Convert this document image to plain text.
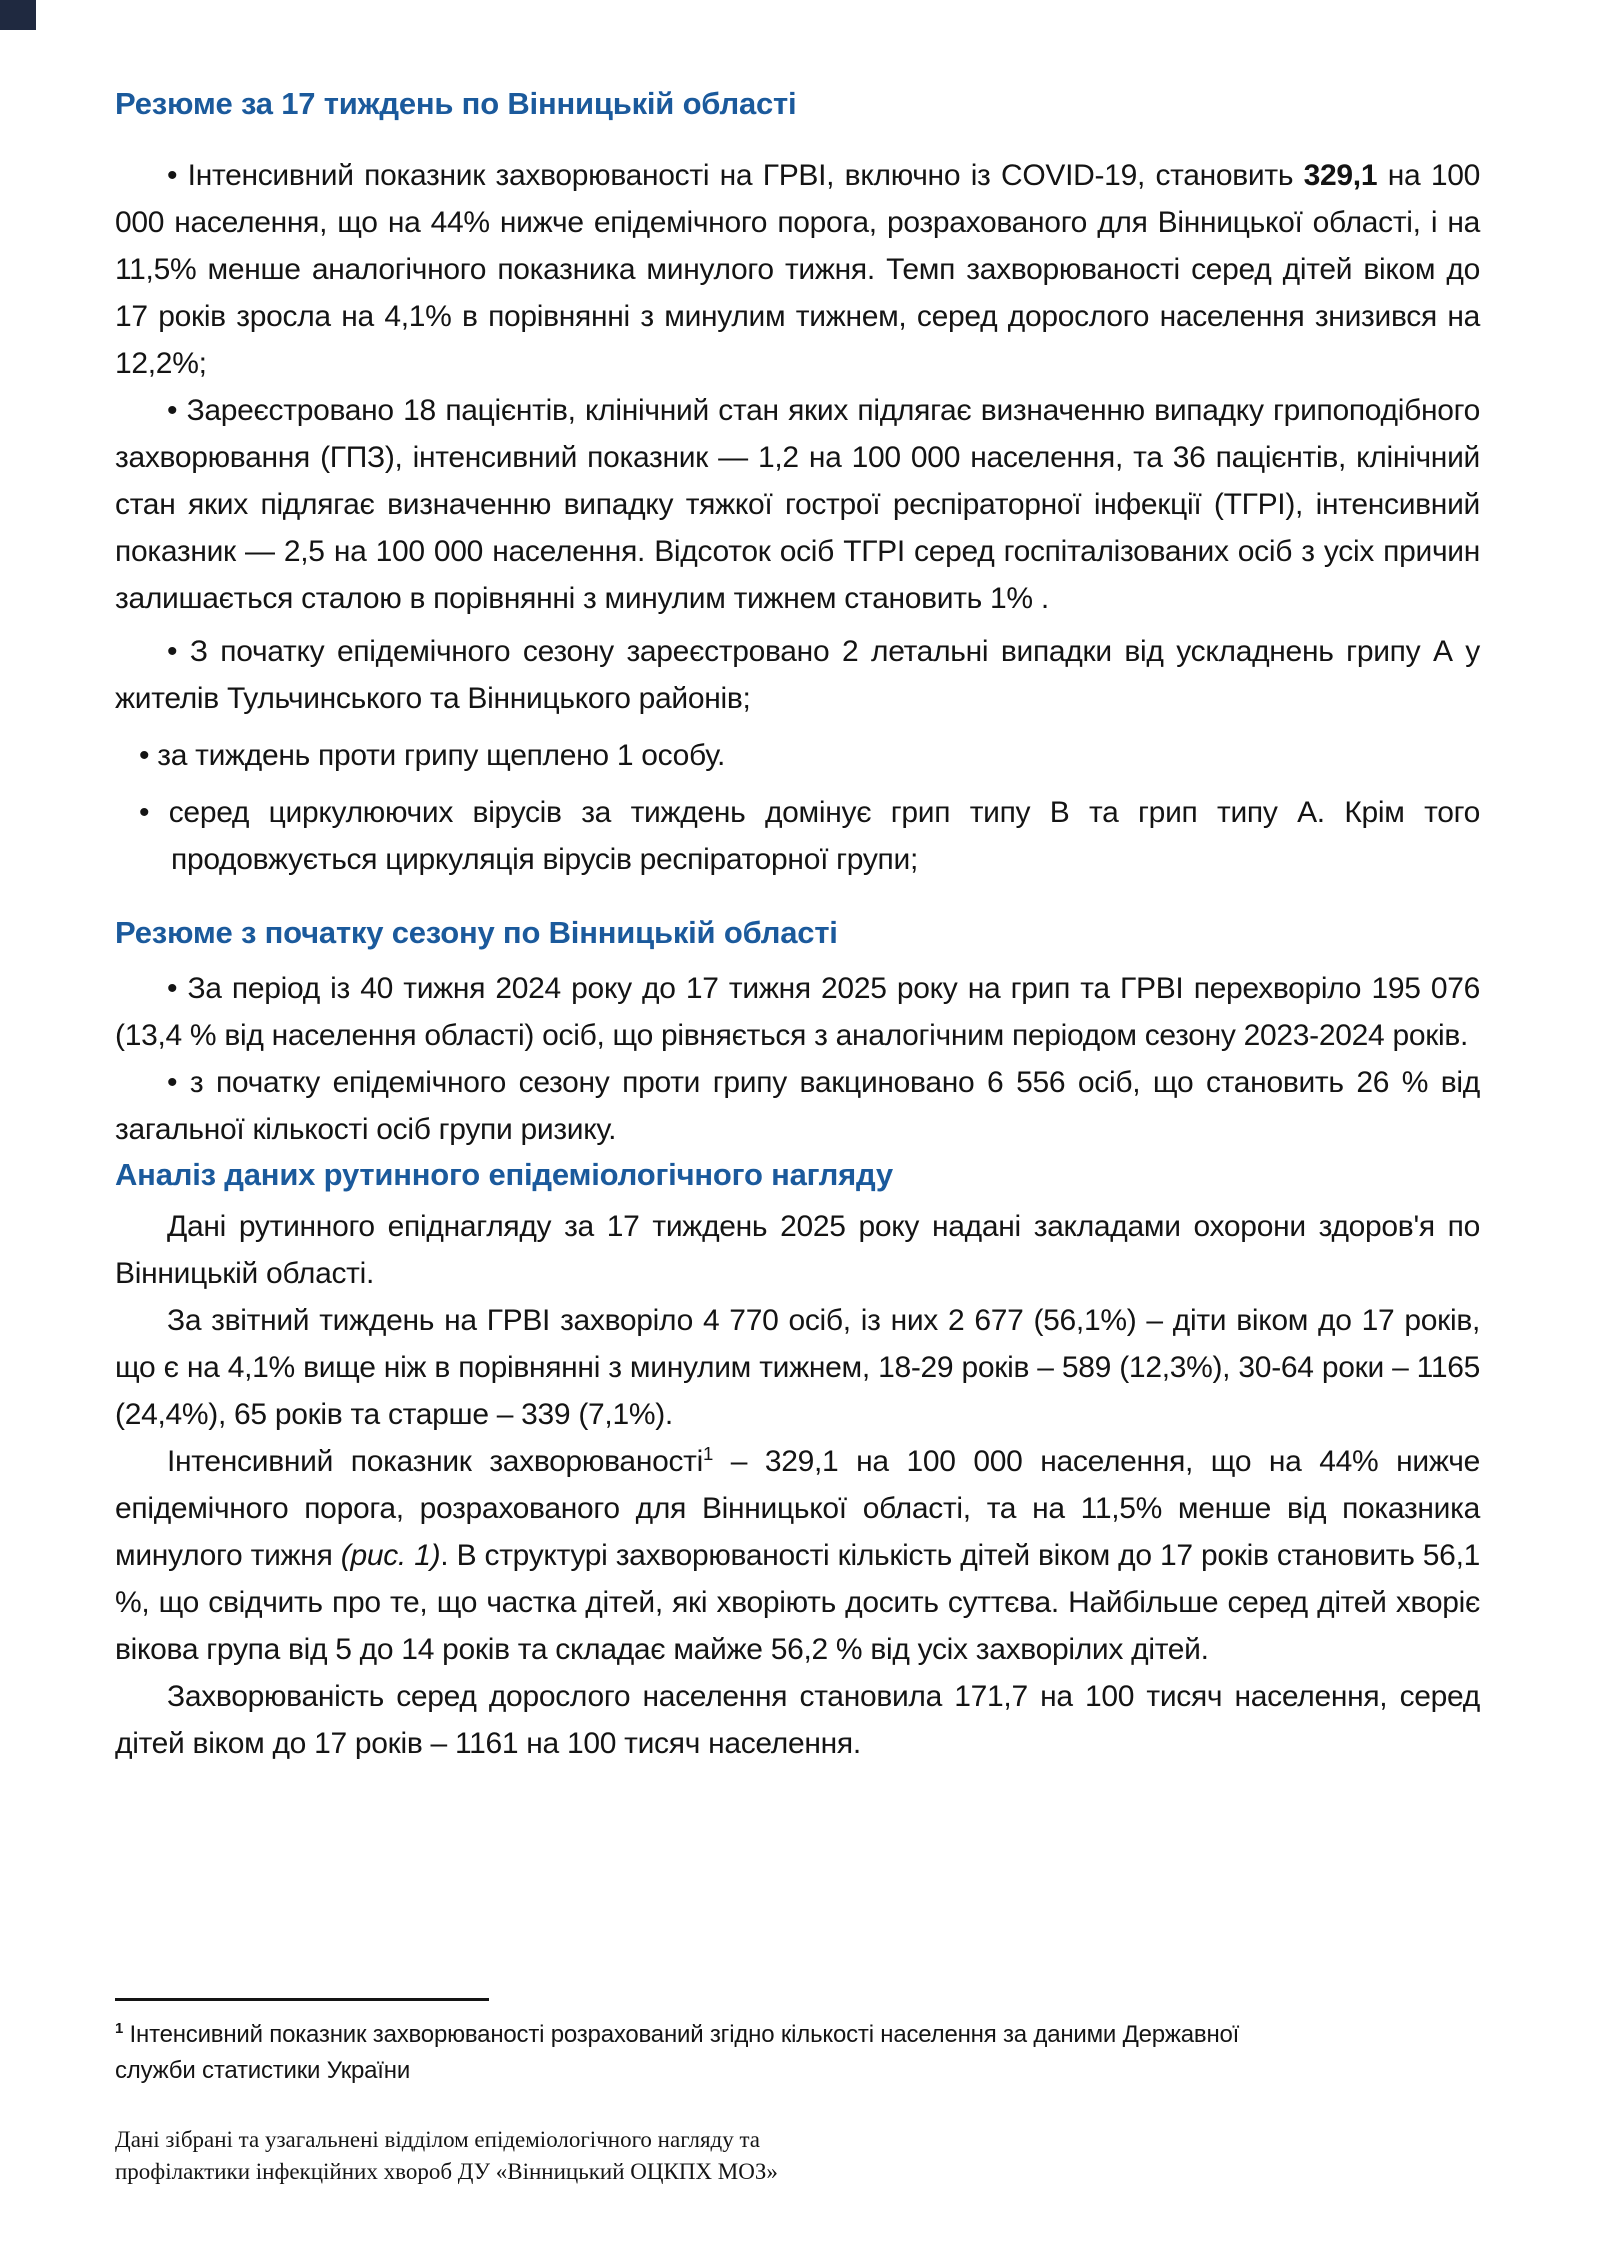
Резюме за 17 тиждень по Вінницькій області

• Інтенсивний показник захворюваності на ГРВІ, включно із COVID-19, становить 329,1 на 100 000 населення, що на 44% нижче епідемічного порога, розрахованого для Вінницької області, і на 11,5% менше аналогічного показника минулого тижня. Темп захворюваності серед дітей віком до 17 років зросла на 4,1% в порівнянні з минулим тижнем, серед дорослого населення знизився на 12,2%;

• Зареєстровано 18 пацієнтів, клінічний стан яких підлягає визначенню випадку грипоподібного захворювання (ГПЗ), інтенсивний показник — 1,2 на 100 000 населення, та 36 пацієнтів, клінічний стан яких підлягає визначенню випадку тяжкої гострої респіраторної інфекції (ТГРІ), інтенсивний показник — 2,5 на 100 000 населення. Відсоток осіб ТГРІ серед госпіталізованих осіб з усіх причин залишається сталою в порівнянні з минулим тижнем становить 1% .

• З початку епідемічного сезону зареєстровано 2 летальні випадки від ускладнень грипу А у жителів Тульчинського та Вінницького районів;

• за тиждень проти грипу щеплено 1 особу.

• серед циркулюючих вірусів за тиждень домінує грип типу В та грип типу А. Крім того продовжується циркуляція вірусів респіраторної групи;

Резюме з початку сезону по Вінницькій області

• За період із 40 тижня 2024 року до 17 тижня 2025 року на грип та ГРВІ перехворіло 195 076 (13,4 % від населення області) осіб, що рівняється з аналогічним періодом сезону 2023-2024 років.

• з початку епідемічного сезону проти грипу вакциновано 6 556 осіб, що становить 26 % від загальної кількості осіб групи ризику.

Аналіз даних рутинного епідеміологічного нагляду

Дані рутинного епіднагляду за 17 тиждень 2025 року надані закладами охорони здоров'я по Вінницькій області.

За звітний тиждень на ГРВІ захворіло 4 770 осіб, із них 2 677 (56,1%) – діти віком до 17 років, що є на 4,1% вище ніж в порівнянні з минулим тижнем, 18-29 років – 589 (12,3%), 30-64 роки – 1165 (24,4%), 65 років та старше – 339 (7,1%).

Інтенсивний показник захворюваності$^1$ – 329,1 на 100 000 населення, що на 44% нижче епідемічного порога, розрахованого для Вінницької області, та на 11,5% менше від показника минулого тижня (рис. 1). В структурі захворюваності кількість дітей віком до 17 років становить 56,1 %, що свідчить про те, що частка дітей, які хворіють досить суттєва. Найбільше серед дітей хворіє вікова група від 5 до 14 років та складає майже 56,2 % від усіх захворілих дітей.

Захворюваність серед дорослого населення становила 171,7 на 100 тисяч населення, серед дітей віком до 17 років – 1161 на 100 тисяч населення.

$^1$ Інтенсивний показник захворюваності розрахований згідно кількості населення за даними Державної служби статистики України

Дані зібрані та узагальнені відділом епідеміологічного нагляду та профілактики інфекційних хвороб ДУ «Вінницький ОЦКПХ МОЗ»
